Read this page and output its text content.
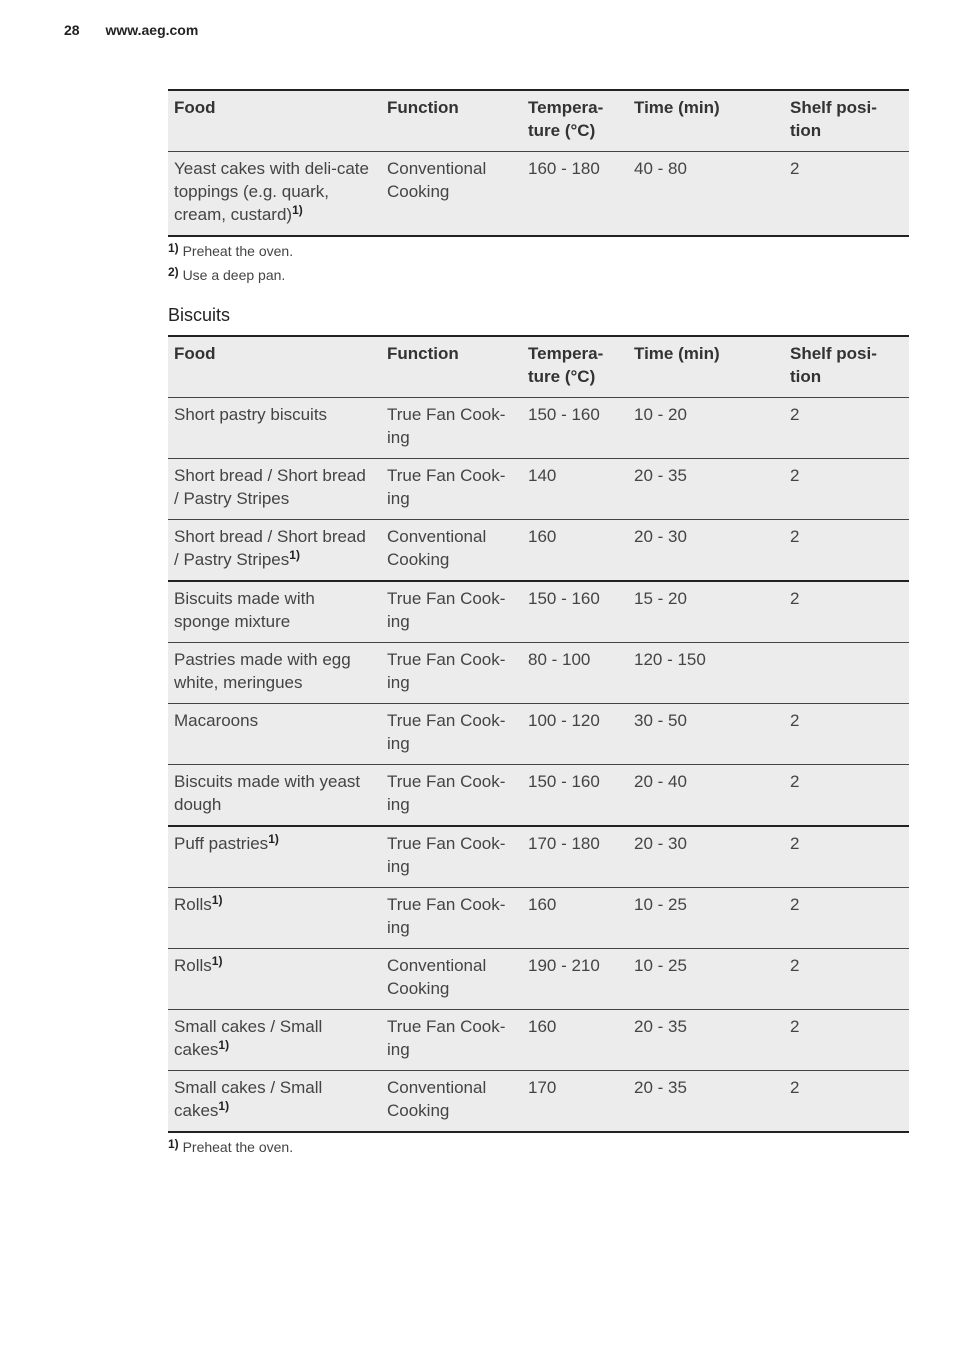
28 www.aeg.com
Food	Function	Tempera-ture (°C)	Time (min)	Shelf posi-tion
Yeast cakes with deli-cate toppings (e.g. quark, cream, custard)$^{1)}$	Conventional Cooking	160 - 180	40 - 80	2
$^{1)}$ Preheat the oven.
$^{2)}$ Use a deep pan.
Biscuits
Food	Function	Tempera-ture (°C)	Time (min)	Shelf posi-tion
Short pastry biscuits	True Fan Cook-ing	150 - 160	10 - 20	2
Short bread / Short bread / Pastry Stripes	True Fan Cook-ing	140	20 - 35	2
Short bread / Short bread / Pastry Stripes$^{1)}$	Conventional Cooking	160	20 - 30	2
Biscuits made with sponge mixture	True Fan Cook-ing	150 - 160	15 - 20	2
Pastries made with egg white, meringues	True Fan Cook-ing	80 - 100	120 - 150	
Macaroons	True Fan Cook-ing	100 - 120	30 - 50	2
Biscuits made with yeast dough	True Fan Cook-ing	150 - 160	20 - 40	2
Puff pastries$^{1)}$	True Fan Cook-ing	170 - 180	20 - 30	2
Rolls$^{1)}$	True Fan Cook-ing	160	10 - 25	2
Rolls$^{1)}$	Conventional Cooking	190 - 210	10 - 25	2
Small cakes / Small cakes$^{1)}$	True Fan Cook-ing	160	20 - 35	2
Small cakes / Small cakes$^{1)}$	Conventional Cooking	170	20 - 35	2
$^{1)}$ Preheat the oven.
